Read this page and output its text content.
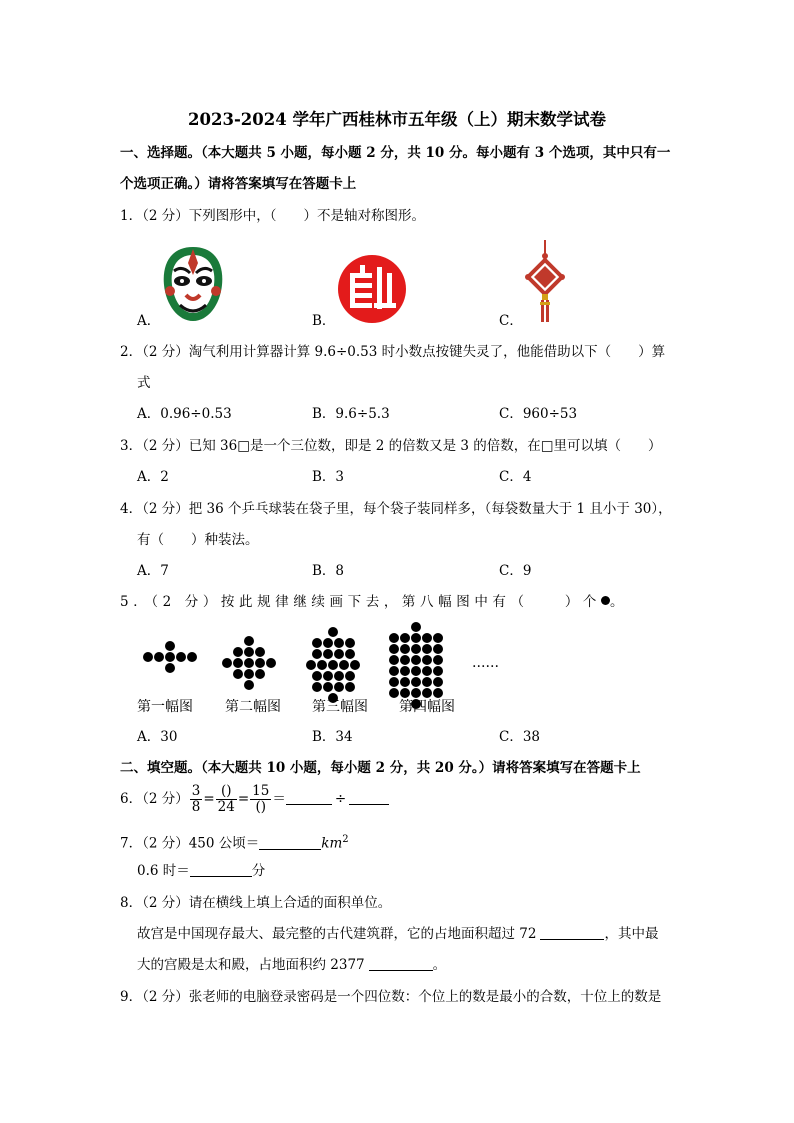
2023-2024 学年广西桂林市五年级（上）期末数学试卷
一、选择题。（本大题共 5 小题，每小题 2 分，共 10 分。每小题有 3 个选项，其中只有一
个选项正确。）请将答案填写在答题卡上
1．（2 分）下列图形中，（　　）不是轴对称图形。
A．	B．	C．
2．（2 分）淘气利用计算器计算 9.6÷0.53 时小数点按键失灵了，他能借助以下（　　）算
式
A．0.96÷0.53	B．9.6÷5.3	C．960÷53
3．（2 分）已知 36□是一个三位数，即是 2 的倍数又是 3 的倍数，在□里可以填（　　）
A．2	B．3	C．4
4．（2 分）把 36 个乒乓球装在袋子里，每个袋子装同样多，（每袋数量大于 1 且小于 30），
有（　　）种装法。
A．7	B．8	C．9
5．（2 分）按此规律继续画下去，第八幅图中有（　　）个 。
……
第一幅图 第二幅图 第三幅图 第四幅图
A．30	B．34	C．38
二、填空题。（本大题共 10 小题，每小题 2 分，共 20 分。）请将答案填写在答题卡上
6．（2 分） $\frac{3}{8} = \frac{()}{24} = \frac{15}{()}$ ＝	÷
7．（2 分）450 公顷＝	$km^2$
0.6 时＝	分
8．（2 分）请在横线上填上合适的面积单位。
故宫是中国现存最大、最完整的古代建筑群，它的占地面积超过 72	，其中最
大的宫殿是太和殿，占地面积约 2377	。
9．（2 分）张老师的电脑登录密码是一个四位数：个位上的数是最小的合数，十位上的数是
